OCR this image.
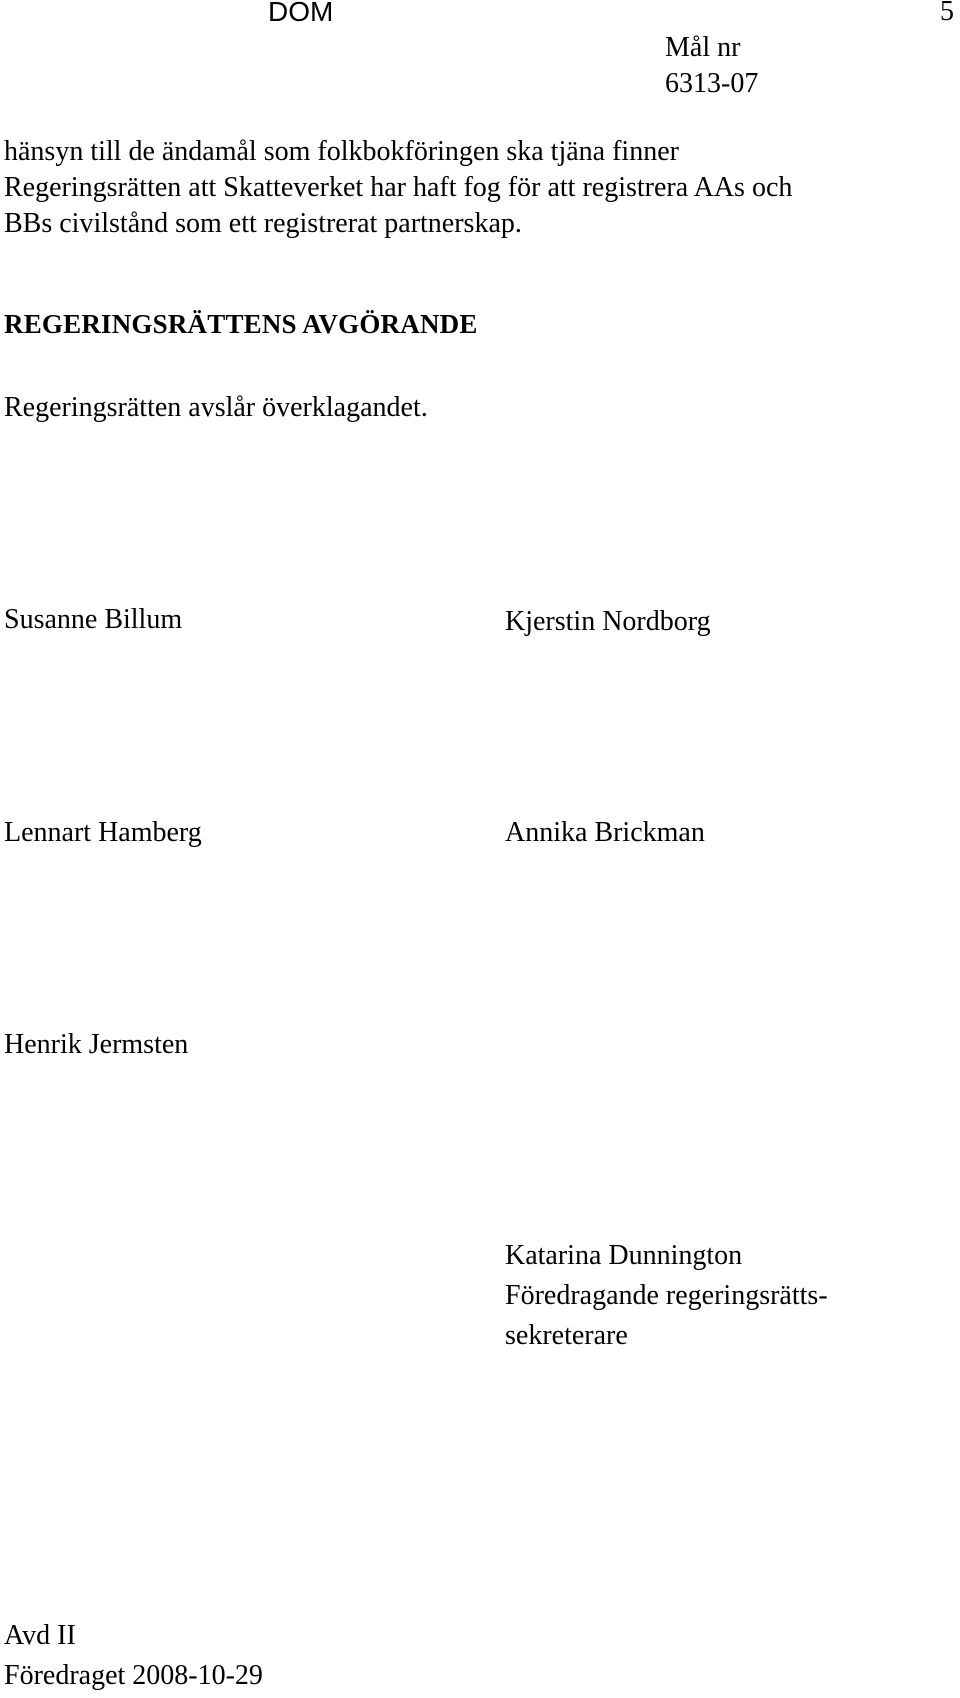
DOM	5
Mål nr
6313-07
hänsyn till de ändamål som folkbokföringen ska tjäna finner
Regeringsrätten att Skatteverket har haft fog för att registrera AAs och
BBs civilstånd som ett registrerat partnerskap.
REGERINGSRÄTTENS AVGÖRANDE
Regeringsrätten avslår överklagandet.
Susanne Billum	Kjerstin Nordborg
Lennart Hamberg	Annika Brickman
Henrik Jermsten
Katarina Dunnington
Föredragande regeringsrätts-
sekreterare
Avd II
Föredraget 2008-10-29
